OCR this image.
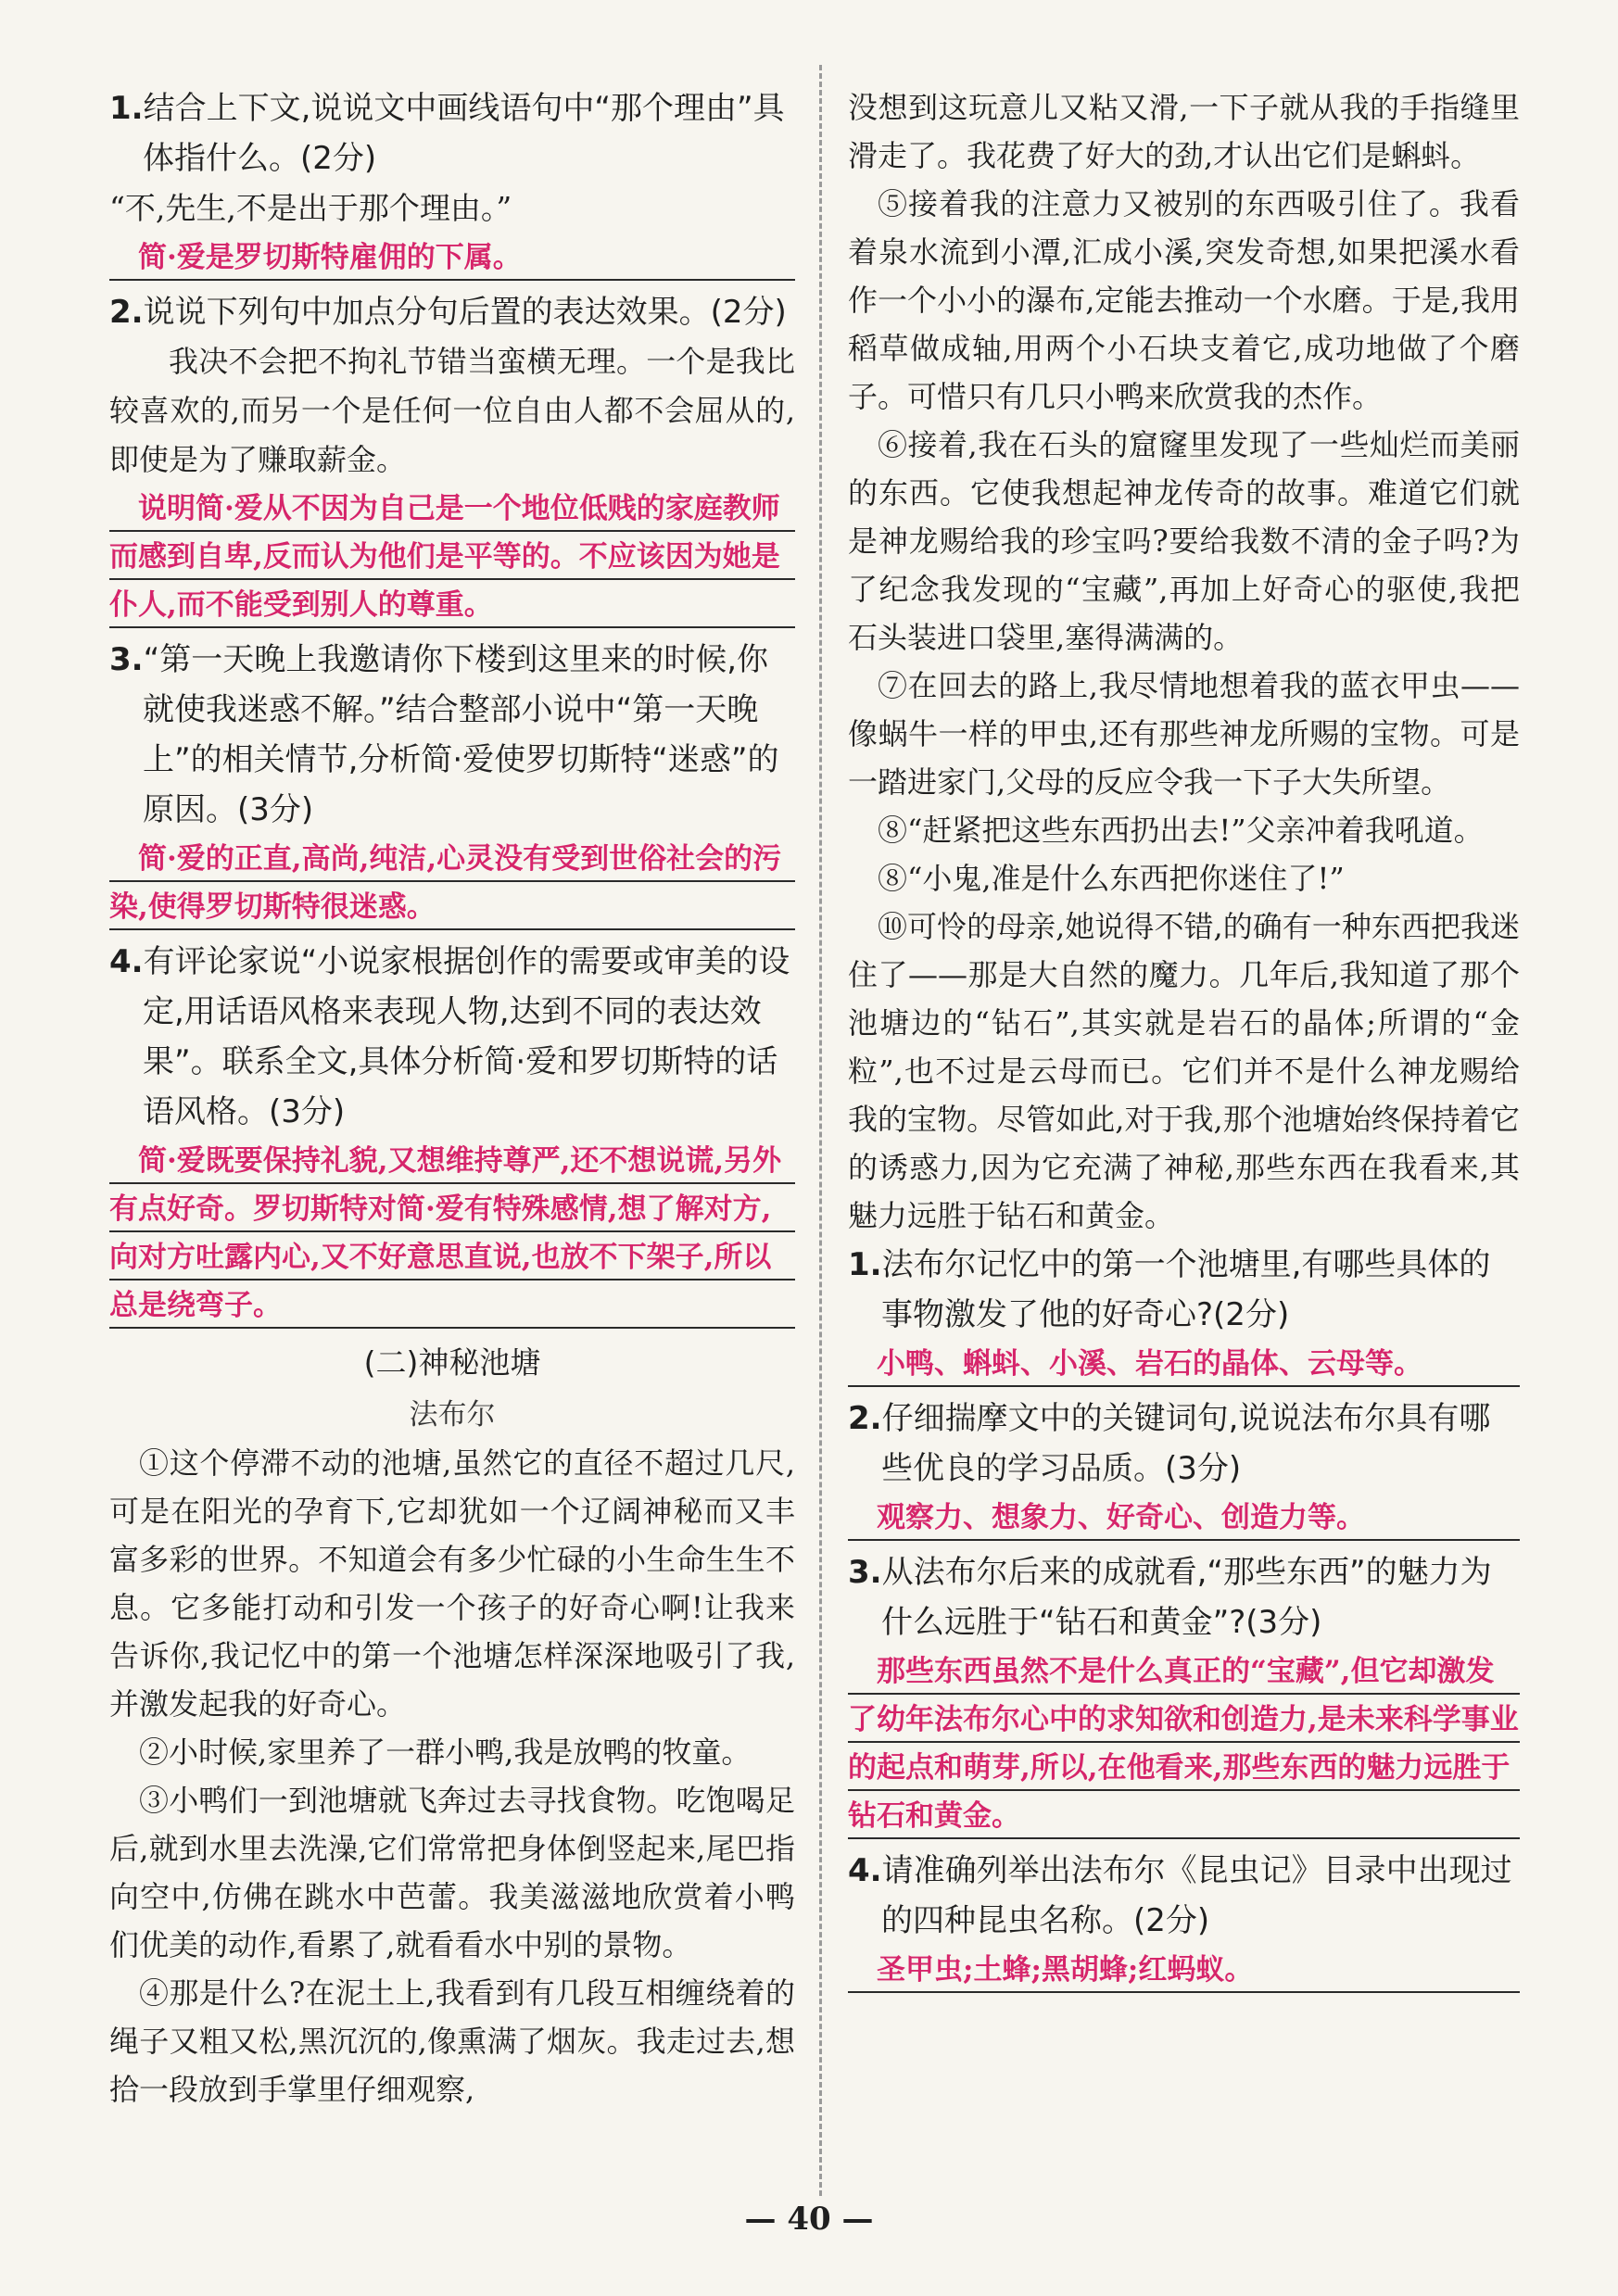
1.结合上下文,说说文中画线语句中“那个理由”具体指什么。(2分)

“不,先生,不是出于那个理由。”

简·爱是罗切斯特雇佣的下属。

2.说说下列句中加点分句后置的表达效果。(2分)

我决不会把不拘礼节错当蛮横无理。一个是我比较喜欢的,而另一个是任何一位自由人都不会屈从的,即使是为了赚取薪金。

说明简·爱从不因为自己是一个地位低贱的家庭教师而感到自卑,反而认为他们是平等的。不应该因为她是仆人,而不能受到别人的尊重。

3.“第一天晚上我邀请你下楼到这里来的时候,你就使我迷惑不解。”结合整部小说中“第一天晚上”的相关情节,分析简·爱使罗切斯特“迷惑”的原因。(3分)

简·爱的正直,高尚,纯洁,心灵没有受到世俗社会的污染,使得罗切斯特很迷惑。

4.有评论家说“小说家根据创作的需要或审美的设定,用话语风格来表现人物,达到不同的表达效果”。联系全文,具体分析简·爱和罗切斯特的话语风格。(3分)

简·爱既要保持礼貌,又想维持尊严,还不想说谎,另外有点好奇。罗切斯特对简·爱有特殊感情,想了解对方,向对方吐露内心,又不好意思直说,也放不下架子,所以总是绕弯子。

(二)神秘池塘

法布尔

①这个停滞不动的池塘,虽然它的直径不超过几尺,可是在阳光的孕育下,它却犹如一个辽阔神秘而又丰富多彩的世界。不知道会有多少忙碌的小生命生生不息。它多能打动和引发一个孩子的好奇心啊!让我来告诉你,我记忆中的第一个池塘怎样深深地吸引了我,并激发起我的好奇心。

②小时候,家里养了一群小鸭,我是放鸭的牧童。

③小鸭们一到池塘就飞奔过去寻找食物。吃饱喝足后,就到水里去洗澡,它们常常把身体倒竖起来,尾巴指向空中,仿佛在跳水中芭蕾。我美滋滋地欣赏着小鸭们优美的动作,看累了,就看看水中别的景物。

④那是什么?在泥土上,我看到有几段互相缠绕着的绳子又粗又松,黑沉沉的,像熏满了烟灰。我走过去,想拾一段放到手掌里仔细观察,

没想到这玩意儿又粘又滑,一下子就从我的手指缝里滑走了。我花费了好大的劲,才认出它们是蝌蚪。

⑤接着我的注意力又被别的东西吸引住了。我看着泉水流到小潭,汇成小溪,突发奇想,如果把溪水看作一个小小的瀑布,定能去推动一个水磨。于是,我用稻草做成轴,用两个小石块支着它,成功地做了个磨子。可惜只有几只小鸭来欣赏我的杰作。

⑥接着,我在石头的窟窿里发现了一些灿烂而美丽的东西。它使我想起神龙传奇的故事。难道它们就是神龙赐给我的珍宝吗?要给我数不清的金子吗?为了纪念我发现的“宝藏”,再加上好奇心的驱使,我把石头装进口袋里,塞得满满的。

⑦在回去的路上,我尽情地想着我的蓝衣甲虫——像蜗牛一样的甲虫,还有那些神龙所赐的宝物。可是一踏进家门,父母的反应令我一下子大失所望。

⑧“赶紧把这些东西扔出去!”父亲冲着我吼道。

⑧“小鬼,准是什么东西把你迷住了!”

⑩可怜的母亲,她说得不错,的确有一种东西把我迷住了——那是大自然的魔力。几年后,我知道了那个池塘边的“钻石”,其实就是岩石的晶体;所谓的“金粒”,也不过是云母而已。它们并不是什么神龙赐给我的宝物。尽管如此,对于我,那个池塘始终保持着它的诱惑力,因为它充满了神秘,那些东西在我看来,其魅力远胜于钻石和黄金。

1.法布尔记忆中的第一个池塘里,有哪些具体的事物激发了他的好奇心?(2分)

小鸭、蝌蚪、小溪、岩石的晶体、云母等。

2.仔细揣摩文中的关键词句,说说法布尔具有哪些优良的学习品质。(3分)

观察力、想象力、好奇心、创造力等。

3.从法布尔后来的成就看,“那些东西”的魅力为什么远胜于“钻石和黄金”?(3分)

那些东西虽然不是什么真正的“宝藏”,但它却激发了幼年法布尔心中的求知欲和创造力,是未来科学事业的起点和萌芽,所以,在他看来,那些东西的魅力远胜于钻石和黄金。

4.请准确列举出法布尔《昆虫记》目录中出现过的四种昆虫名称。(2分)

圣甲虫;土蜂;黑胡蜂;红蚂蚁。

— 40 —
